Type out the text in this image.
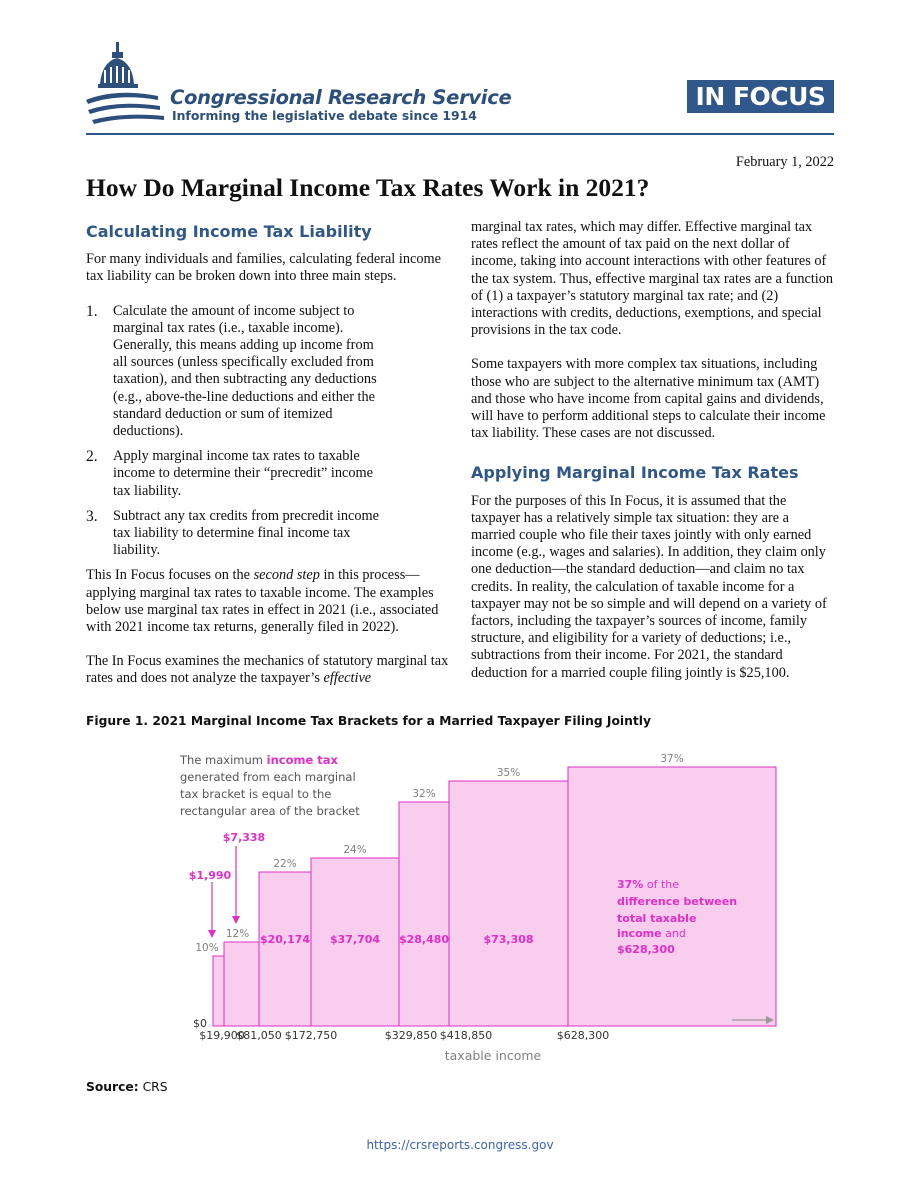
Congressional Research Service
Informing the legislative debate since 1914
IN FOCUS
February 1, 2022
How Do Marginal Income Tax Rates Work in 2021?
Calculating Income Tax Liability

For many individuals and families, calculating federal income tax liability can be broken down into three main steps.

1.	Calculate the amount of income subject to marginal tax rates (i.e., taxable income). Generally, this means adding up income from all sources (unless specifically excluded from taxation), and then subtracting any deductions (e.g., above-the-line deductions and either the standard deduction or sum of itemized deductions).
2.	Apply marginal income tax rates to taxable income to determine their “precredit” income tax liability.
3.	Subtract any tax credits from precredit income tax liability to determine final income tax liability.

This In Focus focuses on the second step in this process—applying marginal tax rates to taxable income. The examples below use marginal tax rates in effect in 2021 (i.e., associated with 2021 income tax returns, generally filed in 2022).

The In Focus examines the mechanics of statutory marginal tax rates and does not analyze the taxpayer’s effective

marginal tax rates, which may differ. Effective marginal tax rates reflect the amount of tax paid on the next dollar of income, taking into account interactions with other features of the tax system. Thus, effective marginal tax rates are a function of (1) a taxpayer’s statutory marginal tax rate; and (2) interactions with credits, deductions, exemptions, and special provisions in the tax code.

Some taxpayers with more complex tax situations, including those who are subject to the alternative minimum tax (AMT) and those who have income from capital gains and dividends, will have to perform additional steps to calculate their income tax liability. These cases are not discussed.

Applying Marginal Income Tax Rates

For the purposes of this In Focus, it is assumed that the taxpayer has a relatively simple tax situation: they are a married couple who file their taxes jointly with only earned income (e.g., wages and salaries). In addition, they claim only one deduction—the standard deduction—and claim no tax credits. In reality, the calculation of taxable income for a taxpayer may not be so simple and will depend on a variety of factors, including the taxpayer’s sources of income, family structure, and eligibility for a variety of deductions; i.e., subtractions from their income. For 2021, the standard deduction for a married couple filing jointly is $25,100.

Figure 1. 2021 Marginal Income Tax Brackets for a Married Taxpayer Filing Jointly
10%
12%
22%
24%
32%
35%
37%
$1,990
$7,338
$20,174 $37,704 $28,480	$73,308
$19,900
$81,050 $172,750	$329,850 $418,850	$628,300
$0
taxable income
The maximum income tax
generated from each marginal
tax bracket is equal to the
rectangular area of the bracket
37% of the
difference between
total taxable
income and
$628,300
Source: CRS
https://crsreports.congress.gov
